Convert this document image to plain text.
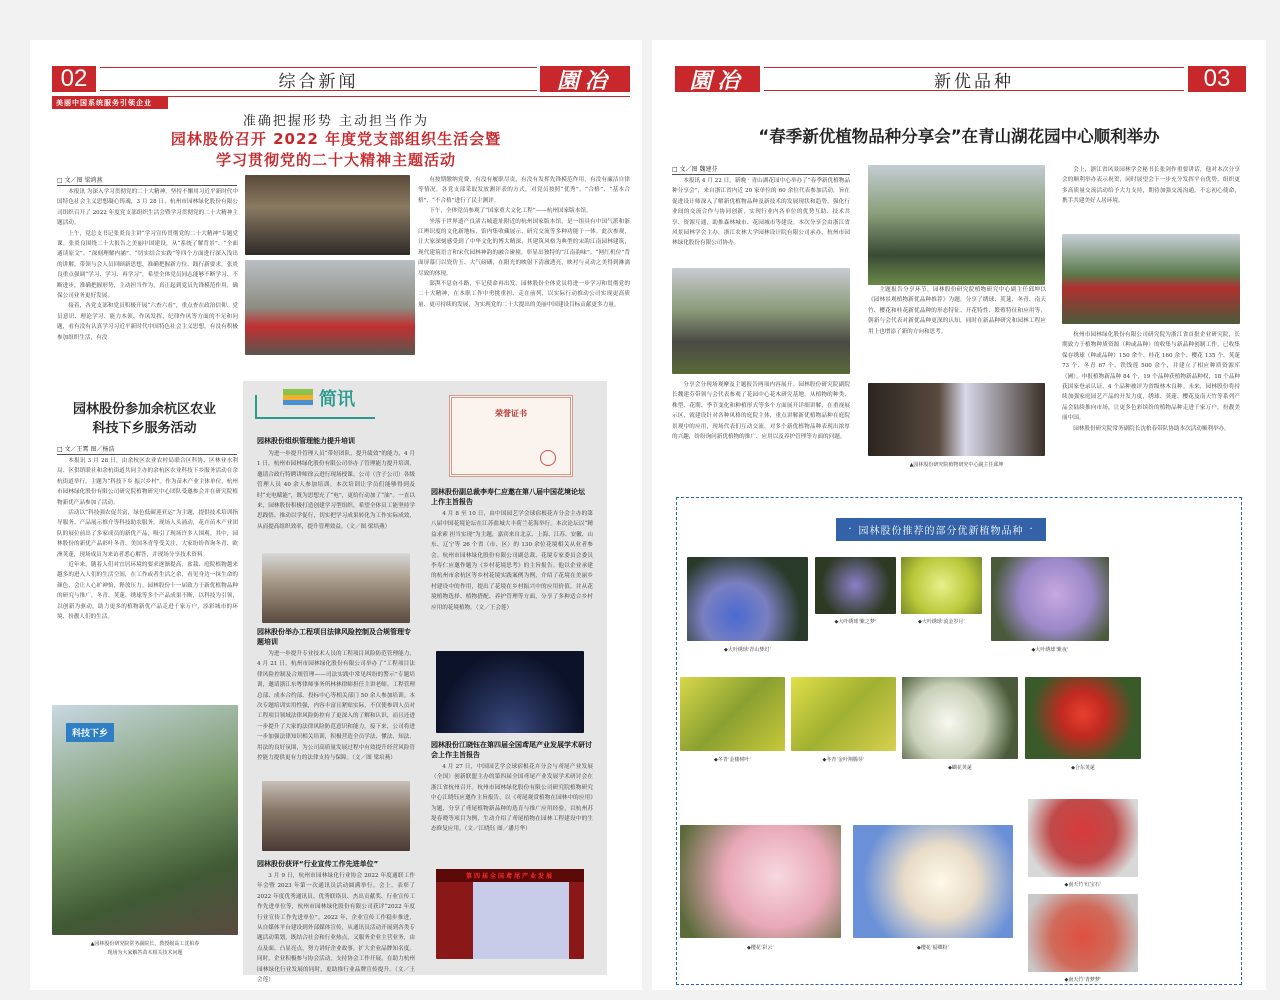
02	综合新闻	園冶
美丽中国系统服务引领企业
准确把握形势 主动担当作为
园林股份召开 2022 年度党支部组织生活会暨
学习贯彻党的二十大精神主题活动
□ 文／图 梁鸿燕

本报讯 为深入学习贯彻党的二十大精神，坚持不懈用习近平新时代中国特色社会主义思想凝心铸魂，3 月 28 日，杭州市园林绿化股份有限公司组织召开了 2022 年度党支部组织生活会暨学习贯彻党的二十大精神主题活动。

上午，党总支书记张炎良主讲“学习宣传贯彻党的二十大精神”专题党课。张炎良围绕二十大报告之美丽中国建设，从“系统了解背景”、“全面通读原文”、“深刻理解内涵”、“切实结合实践”等四个方面进行深入浅出的讲解，带领与会人员回顾新思想、准确把握新方位、践行新要求。张炎良重点强调“学习、学习、再学习”，希望全体党员同志能够不断学习、不断进步，准确把握形势，主动担当作为，真正起到党员先锋模范作用，确保公司业务更好发展。

接着，各党支部和党员积极开展“六查六看”，重点查在政治信仰、党员意识、理论学习、能力本领、作风发挥、纪律作风等方面的不足和问题，看有没有认真学习习近平新时代中国特色社会主义思想，有没有积极参加组织生活，有没

有按期缴纳党费，有没有履职尽责，有没有发挥先锋模范作用，有没有廉洁自律等情况。各党支部采取发放测评表的方式，对党员按照“优秀”、“合格”、“基本合格”、“不合格”进行了民主测评。

下午，全体党员参观了“国家重大文化工程”——杭州国家版本馆。

坐落于世界遗产良渚古城遗址附近的杭州国家版本馆，是一组具有中国气派和浙江辨识度的文化新地标，馆内集收藏展示、研究交流等多种功能于一体。此次参观，让大家深刻感受到了中华文化的博大精深，其建筑风格为典型的宋韵江南园林建筑，现代建筑语言和宋代园林神韵的融合碰撞，彰显出独特的“江南韵味”。“网红机位”背面屏幕门以瓷仿玉、大气磅礴，在阳光的映射下清澈透亮，映衬与灵动之美得到淋漓尽致的体现。

澎湃不息奋斗路，牢记使命再出发。园林股份全体党员将进一步学习和贯彻党的二十大精神，在本职工作中勇挑重担、走在前列，以实际行动推动公司实现更高质量、更可持续的发展，为实现党的二十大提出的美丽中国建设目标贡献更多力量。

园林股份参加余杭区农业
科技下乡服务活动
□ 文／王霄 图／杨浩

本报讯 3 月 28 日，由余杭区农业农村局联合区科协、区林业水利局、区供销联社和余杭街道共同主办的余杭区农业科技下乡服务活动在余杭街道举行，主题为“科技下乡 振兴乡村”。作为苗木产业主体单位，杭州市园林绿化股份有限公司研究院植物研究中心团队受邀参会并在研究院植物新优产品参加了活动。

活动以“科技强农促共富，绿色低碳迎亚运”为主题，提供技术培训指导服务、产品展示推介等科技助农服务，现场人头涌动，花卉苗木产业团队的展位前出了多家成员的新优产品，吸引了现场许多人围观。其中，园林股份的新优产品彩叶冬青、美国冬青等受关注，大家纷纷咨询冬青、欧洲荚蒾，现场成员为来访者悉心解答，并现场分享技术资料。

近年来，随着人们对宜居环境的要求逐渐提高，盆栽、庭院植物越来越多的进入人们的生活空间，在工作或者生活之余，看见身边一抹生命的颜色，会让人心旷神怡，释放压力。园林股份十一届致力于新优植物品种的研究与推广，冬青、荚蒾、绣球等多个产品成果不断，以科技为引领，以创新为驱动，助力更多的植物新优产品走进千家万户，添彩城市的环境，扮靓人们的生活。

科技下乡
▲园林股份研究院常务副院长、教授级高工沈柏春
现场为大家解答苗木相关技术问题
简讯
园林股份组织管理能力提升培训

为进一步提升管理人员“带好团队，提升绩效”的能力，4 月 1 日，杭州市园林绿化股份有限公司举办了管理能力提升培训，邀请合政行特聘讲师徐云进行现场授课。公司（含子公司）各级管理人员 40 余人参加培训。本次培训让学员们能够得到及时“充电赋能”，既为思想充了“电”，更给行动加了“油”。一直以来，园林股份积极打造创建学习型组织，希望全体员工能坚持学思践悟、推动以学促行，切实把学习成果转化为工作实际成效，从而提高组织效率，提升管理效益。（文／图 梁培燕）

园林股份举办工程项目法律风险控制及合规管理专题培训

为进一步提升专业技术人员的工程项目风险防范管理能力，4 月 21 日，杭州市园林绿化股份有限公司举办了“工程项目法律风险控制及合规管理——司法实践中常见纠纷的警示”专题培训，邀请浙江东粤律师事务所林林律师担任主讲老师。工程管理总部、成本合约部、投标中心等相关部门 50 余人参加培训。本次专题培训实用性强，内容丰富且紧贴实际，不仅使参训人员对工程项目领域法律风险防控有了更深入的了解和认识，而且还进一步提升了大家的法律风险防范意识和能力。接下来，公司将进一步加强法律知识相关培训，积极营造全员学法、懂法、知法、用法的良好氛围，为公司高质量发展过程中有效提升经营风险管控能力提供更有力的法律支持与保障。（文／图 梁培燕）

园林股份获评“行业宣传工作先进单位”

3 月 9 日，杭州市园林绿化行业协会 2022 年度通联工作年会暨 2023 年第一次通讯员活动圆满举行。会上，表彰了 2022 年度优秀通讯员、优秀联络员、杰出贡献奖、行业宣传工作先进单位等，杭州市园林绿化股份有限公司获评“2022 年度行业宣传工作先进单位”。2022 年，企业宣传工作稳步推进，从自媒体平台建设到外部媒体宣传，从通讯员活动开展到各类专题活动策划，既结合社会和行业热点，又服务企业主营业务，由点及面、凸显亮点，努力讲好企业故事，扩大企业品牌知名度。同时，企业积极参与协会活动，支持协会工作开展，在助力杭州园林绿化行业发展的同时，更助推行业品牌宣传提升。（文／王会莲）

荣誉证书
园林股份副总裁李寿仁应邀在第八届中国花境论坛上作主旨报告

4 月 8 至 10 日，由中国园艺学会球宿根花卉分会主办的第八届中国花境论坛在江苏盐城大丰荷兰花海举行。本次论坛以“精益求索 担当实现”为主题，嘉宾来自北京、上海、江苏、安徽、山东、辽宁等 26 个省（市、区）的 130 余位花境相关从业者参会。杭州市园林绿化股份有限公司副总裁、花境专家委员会委员李寿仁应邀作题为《乡村花境思考》的主旨报告。他以企业承建的杭州市余杭区等乡村花境实践案例为例，介绍了花境在美丽乡村建设中的作用，提出了花境在乡村振兴中的应用价值，并从花境植物选择、植物搭配、养护管理等方面，分享了多种适合乡村应用的花境植物。（文／王会莲）

园林股份江晓钰在第四届全国鸢尾产业发展学术研讨会上作主旨报告

4 月 27 日，中国园艺学会球宿根花卉分会与鸢尾产业发展（全国）创新联盟主办的第四届全国鸢尾产业发展学术研讨会在浙江省杭州召开。杭州市园林绿化股份有限公司研究院植物研究中心江晓钰应邀作主旨报告，以《鸢尾观赏植物在园林中的应用》为题，分享了鸢尾植物新品种的选育与推广应用经验，以杭州苏堤春晓等项目为例，生动介绍了鸢尾植物在园林工程建设中的生态修复应用。（文／江晓钰 图／潘月华）

第四届全国鸢尾产业发展
園冶	新优品种	03
“春季新优植物品种分享会”在青山湖花园中心顺利举办
□ 文／图 魏建芬

本报讯 4 月 22 日，新晚 · 青山湖花园中心举办了“春季新优植物品种分享会”，来自浙江省内近 20 家单位的 60 余位代表参加活动，旨在促进设计师深入了解新优植物品种及新技术的发展现状和趋势，强化行业间的交流合作与协同创新，实现行业内各单位的优势互助、技术共享、资源互通，助推森林城市、花园城市等建设。本次分享会由浙江省风景园林学会主办，浙江农林大学园林设计院有限公司承办，杭州市园林绿化股份有限公司协办。

分享会分现场观摩及主题报告两项内容展开。园林股份研究院副院长魏建芬带领与会代表参观了花园中心花木研究基地，从植物的种类、株型、花期、季节变化和种植形式等多个方面展开详细讲解，在重视展示区，就建设针对各种风格的庭院主体，重点讲解新优植物品种在庭院景观中的应用，现场代表们互动交流，对多个新优植物品种表现出浓厚的兴趣，纷纷询问新优植物的推广、应用以及养护管理等方面的问题。

主题报告分享环节，园林股份研究院植物研究中心副主任邱坤以《园林景观植物新优品种推荐》为题，分享了绣球、荚蒾、冬青、南天竹、樱花和桂花新优品种的形态特征、开花特性、繁殖特征和应用等，朝新与会代表对新优品种更深的认知，同时在新品种研究和园林工程应用上也增添了新的方向和思考。

▲园林股份研究院植物研究中心副主任邱坤

会上，浙江省风景园林学会秘书长张剑作重要讲话，他对本次分享会的顺利举办表示祝贺，同时展望会下一步充分发挥平台优势，组织更多高质量交流活动给予大力支持，期待加强交流沟通，不忘初心使命，携手共建美好人居环境。

杭州市园林绿化股份有限公司研究院为浙江省首批企业研究院，长期致力于植物种质资源（种或品种）的收集与新品种创制工作，已收集保存绣球（种或品种）150 余个、桂花 160 余个、樱花 135 个、荚蒾 73 个、冬青 67 个、铁线莲 500 余个，并建立了相应种质资源库（圃），申报植物新品种 84 个，19 个品种获植物新品种权，18 个品种获国家登录认证，4 个品种被评为省级林木良种。未来，园林股份将持续加强家庭园艺产品的开发力度，绣球、荚蒾、樱花及南天竹等系列产品会陆续推向市场，让更多色彩缤纷的植物品种走进千家万户，扮靓美丽中国。

园林股份研究院常务副院长沈柏春带队协助本次活动顺利举办。

· 园林股份推荐的部分优新植物品种 ·
◆大叶绣球‘青山梦幻’
◆大叶绣球‘紫之梦’	◆大叶绣球‘流金岁月’
◆大叶绣球‘紫夜’
◆冬青‘金楼树叶’	◆冬青‘金叶翔腾芽’
◆蝴花荚蒾	◆合东荚蒾
◆樱花‘彩云’	◆樱花‘福卿粉’
◆南天竹‘红宝石’
◆南天竹‘青梦梦’
